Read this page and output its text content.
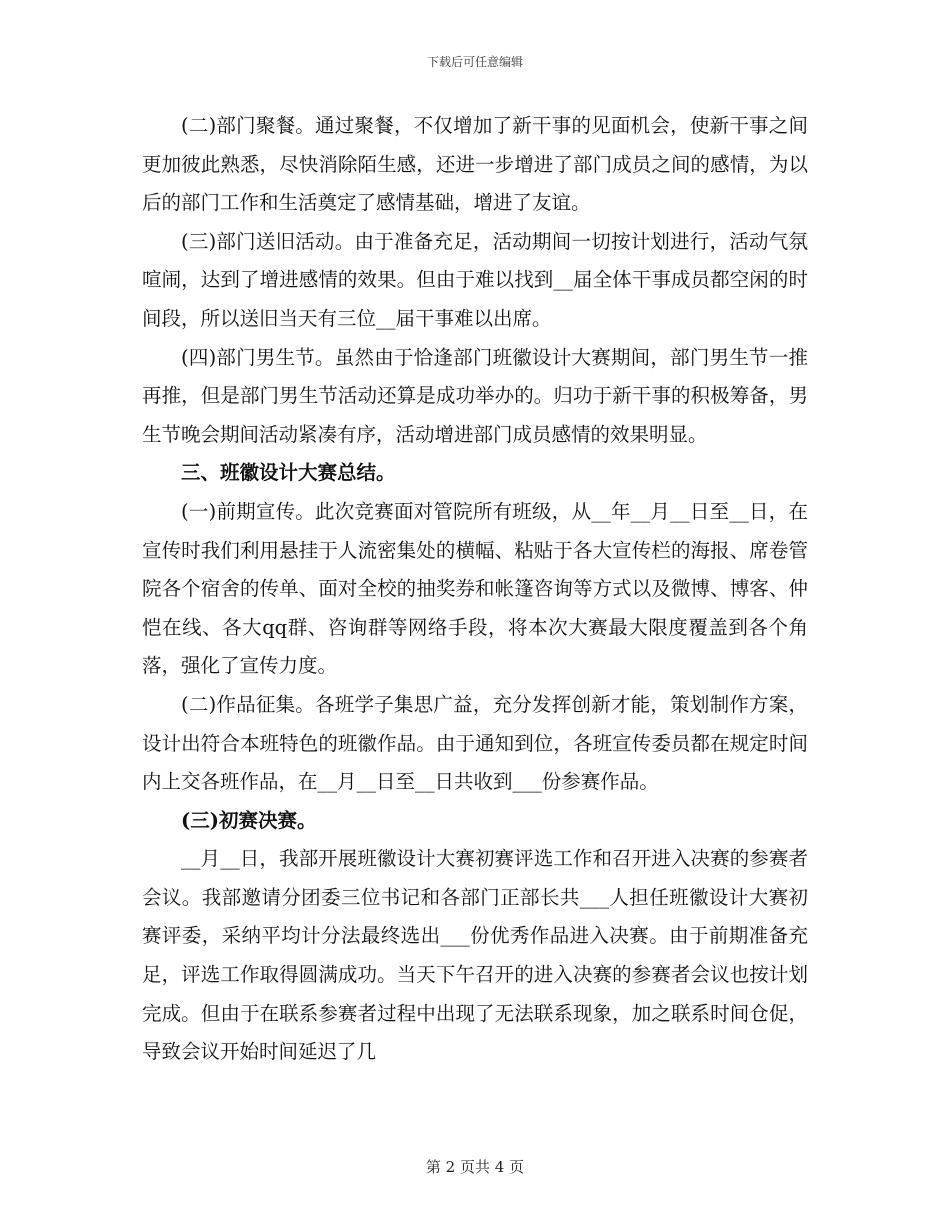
下载后可任意编辑

(二)部门聚餐。通过聚餐，不仅增加了新干事的见面机会，使新干事之间更加彼此熟悉，尽快消除陌生感，还进一步增进了部门成员之间的感情，为以后的部门工作和生活奠定了感情基础，增进了友谊。

(三)部门送旧活动。由于准备充足，活动期间一切按计划进行，活动气氛喧闹，达到了增进感情的效果。但由于难以找到__届全体干事成员都空闲的时间段，所以送旧当天有三位__届干事难以出席。

(四)部门男生节。虽然由于恰逢部门班徽设计大赛期间，部门男生节一推再推，但是部门男生节活动还算是成功举办的。归功于新干事的积极筹备，男生节晚会期间活动紧凑有序，活动增进部门成员感情的效果明显。

三、班徽设计大赛总结。

(一)前期宣传。此次竞赛面对管院所有班级，从__年__月__日至__日，在宣传时我们利用悬挂于人流密集处的横幅、粘贴于各大宣传栏的海报、席卷管院各个宿舍的传单、面对全校的抽奖券和帐篷咨询等方式以及微博、博客、仲恺在线、各大qq群、咨询群等网络手段，将本次大赛最大限度覆盖到各个角落，强化了宣传力度。

(二)作品征集。各班学子集思广益，充分发挥创新才能，策划制作方案，设计出符合本班特色的班徽作品。由于通知到位，各班宣传委员都在规定时间内上交各班作品，在__月__日至__日共收到___份参赛作品。

(三)初赛决赛。

__月__日，我部开展班徽设计大赛初赛评选工作和召开进入决赛的参赛者会议。我部邀请分团委三位书记和各部门正部长共___人担任班徽设计大赛初赛评委，采纳平均计分法最终选出___份优秀作品进入决赛。由于前期准备充足，评选工作取得圆满成功。当天下午召开的进入决赛的参赛者会议也按计划完成。但由于在联系参赛者过程中出现了无法联系现象，加之联系时间仓促，导致会议开始时间延迟了几

第 2 页共 4 页
